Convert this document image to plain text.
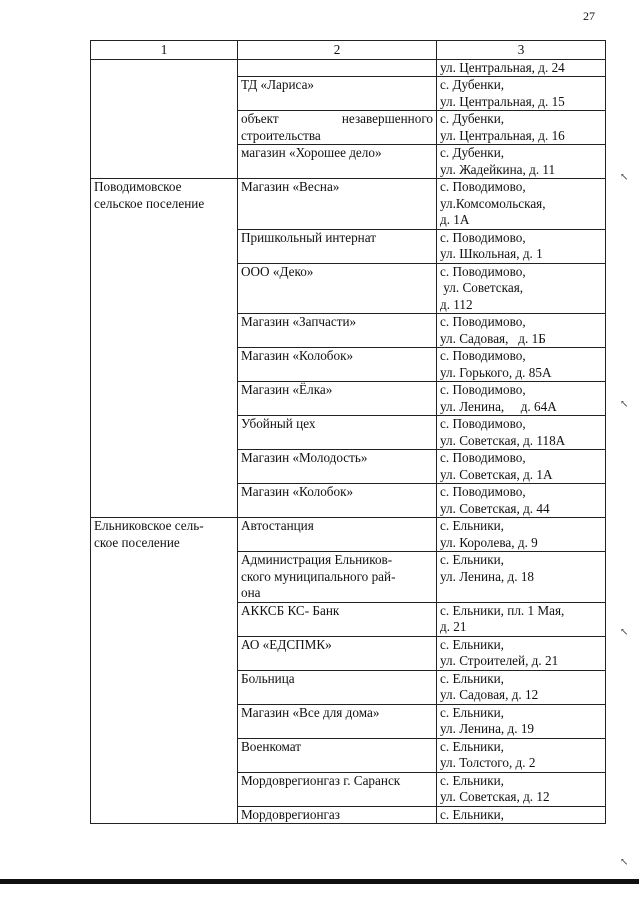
27
1	2	3

		ул. Центральная, д. 24

	ТД «Лариса»	с. Дубенки,
ул. Центральная, д. 15

	объект незавершенного
строительства	с. Дубенки,
ул. Центральная, д. 16

	магазин «Хорошее дело»	с. Дубенки,
ул. Жадейкина, д. 11

Поводимовское
сельское поселение	Магазин «Весна»	с. Поводимово,
ул.Комсомольская,
д. 1А

	Пришкольный интернат	с. Поводимово,
ул. Школьная, д. 1

	ООО «Деко»	с. Поводимово,
ул. Советская,
д. 112

	Магазин «Запчасти»	с. Поводимово,
ул. Садовая,   д. 1Б

	Магазин «Колобок»	с. Поводимово,
ул. Горького, д. 85А

	Магазин «Ёлка»	с. Поводимово,
ул. Ленина,     д. 64А

	Убойный цех	с. Поводимово,
ул. Советская, д. 118А

	Магазин «Молодость»	с. Поводимово,
ул. Советская, д. 1А

	Магазин «Колобок»	с. Поводимово,
ул. Советская, д. 44

Ельниковское сель-
ское поселение	Автостанция	с. Ельники,
ул. Королева, д. 9

	Администрация Ельников-
ского муниципального рай-
она	с. Ельники,
ул. Ленина, д. 18

	АККСБ КС- Банк	с. Ельники, пл. 1 Мая,
д. 21

	АО «ЕДСПМК»	с. Ельники,
ул. Строителей, д. 21

	Больница	с. Ельники,
ул. Садовая, д. 12

	Магазин «Все для дома»	с. Ельники,
ул. Ленина, д. 19

	Военкомат	с. Ельники,
ул. Толстого, д. 2

	Мордоврегионгаз г. Саранск	с. Ельники,
ул. Советская, д. 12

	Мордоврегионгаз	с. Ельники,
↖
↖
↖
↖
